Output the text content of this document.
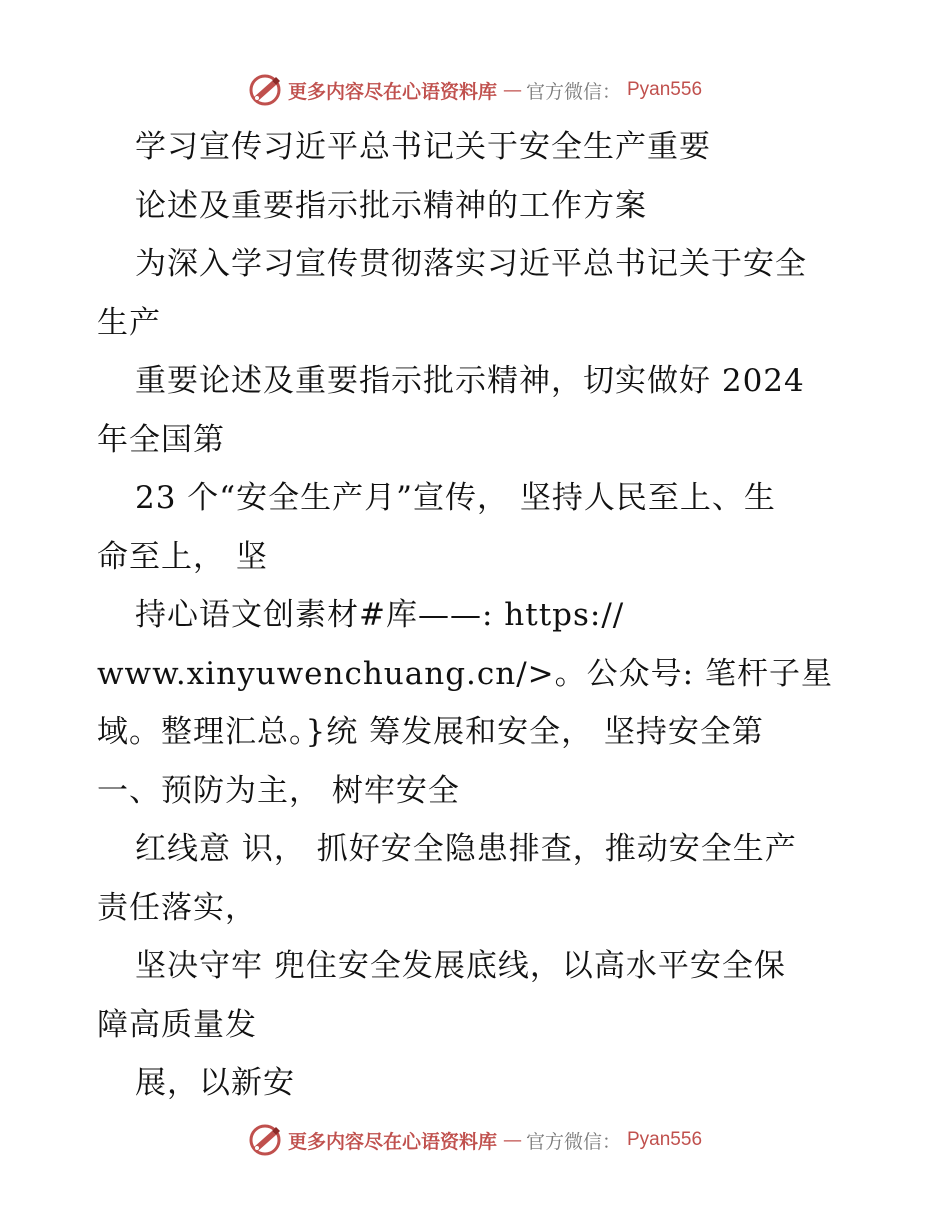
更多内容尽在心语资料库 — 官方微信： Pyan556
学习宣传习近平总书记关于安全生产重要
论述及重要指示批示精神的工作方案
为深入学习宣传贯彻落实习近平总书记关于安全
生产
重要论述及重要指示批示精神，切实做好 2024
年全国第
23 个“安全生产月”宣传， 坚持人民至上、生
命至上， 坚
持心语文创素材#库——: https://
www.xinyuwenchuang.cn/>。公众号: 笔杆子星
域。整理汇总。}统 筹发展和安全， 坚持安全第
一、预防为主， 树牢安全
红线意 识， 抓好安全隐患排查，推动安全生产
责任落实，
坚决守牢 兜住安全发展底线，以高水平安全保
障高质量发
展，以新安
更多内容尽在心语资料库 — 官方微信： Pyan556
